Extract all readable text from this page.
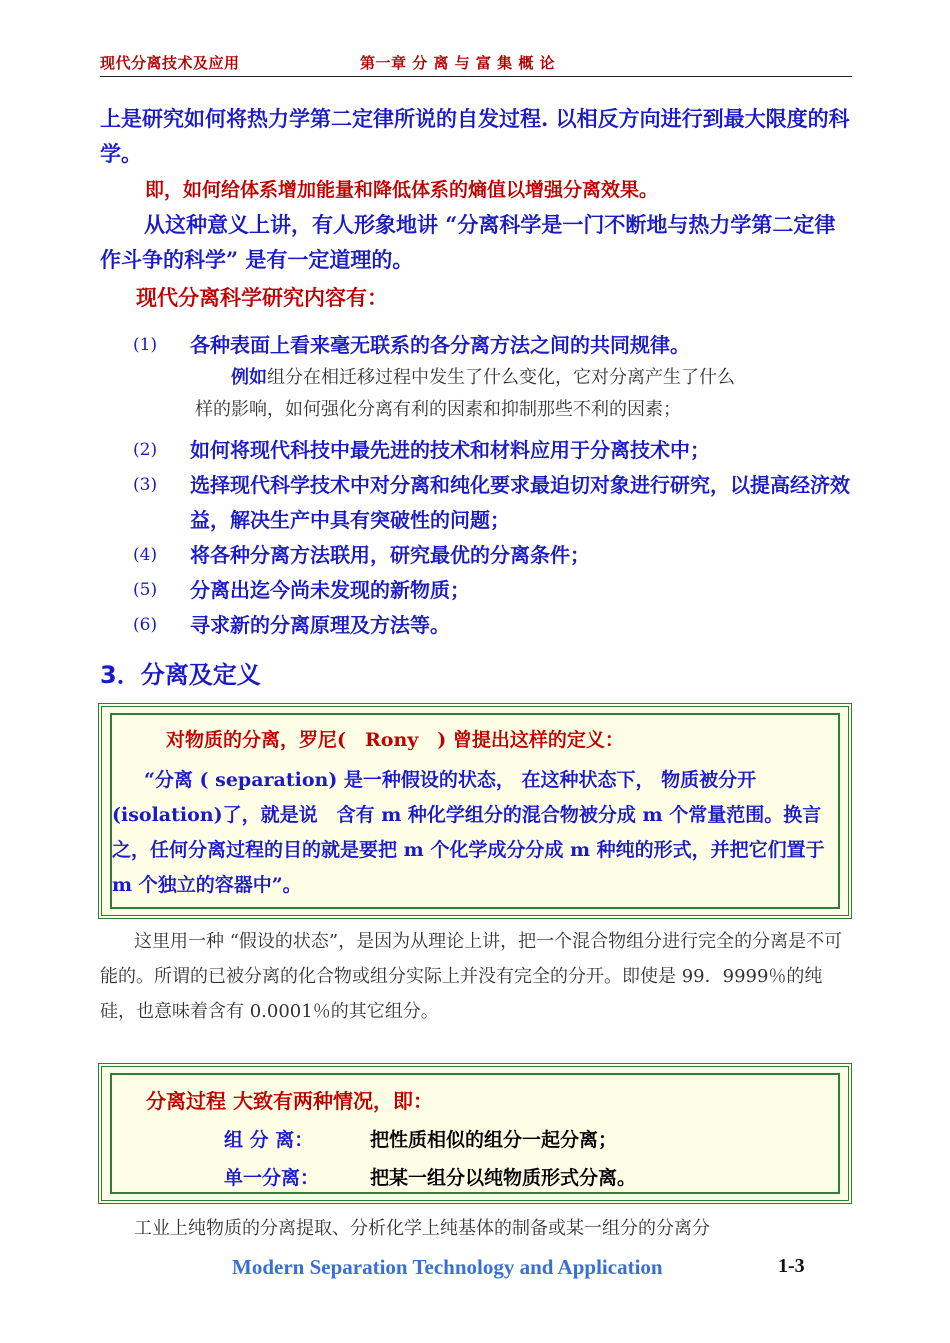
现代分离技术及应用	第一章 分 离 与 富 集 概 论

上是研究如何将热力学第二定律所说的自发过程. 以相反方向进行到最大限度的科学。

即，如何给体系增加能量和降低体系的熵值以增强分离效果。

从这种意义上讲，有人形象地讲 “分离科学是一门不断地与热力学第二定律作斗争的科学” 是有一定道理的。

现代分离科学研究内容有：

(1) 各种表面上看来毫无联系的各分离方法之间的共同规律。

例如组分在相迁移过程中发生了什么变化，它对分离产生了什么

样的影响，如何强化分离有利的因素和抑制那些不利的因素；

(2) 如何将现代科技中最先进的技术和材料应用于分离技术中；
(3) 选择现代科学技术中对分离和纯化要求最迫切对象进行研究，以提高经济效益，解决生产中具有突破性的问题；
(4) 将各种分离方法联用，研究最优的分离条件；
(5) 分离出迄今尚未发现的新物质；
(6) 寻求新的分离原理及方法等。
3．分离及定义
对物质的分离，罗尼(　Rony　) 曾提出这样的定义：

“分离 ( separation) 是一种假设的状态， 在这种状态下， 物质被分开 (isolation)了，就是说　含有 m 种化学组分的混合物被分成 m 个常量范围。换言之，任何分离过程的目的就是要把 m 个化学成分分成 m 种纯的形式，并把它们置于 m 个独立的容器中”。

这里用一种 “假设的状态”，是因为从理论上讲，把一个混合物组分进行完全的分离是不可能的。所谓的已被分离的化合物或组分实际上并没有完全的分开。即使是 99．9999％的纯硅，也意味着含有 0.0001％的其它组分。

分离过程 大致有两种情况，即：
组 分 离：	把性质相似的组分一起分离；
单一分离：	把某一组分以纯物质形式分离。

工业上纯物质的分离提取、分析化学上纯基体的制备或某一组分的分离分

Modern Separation Technology and Application	1-3
